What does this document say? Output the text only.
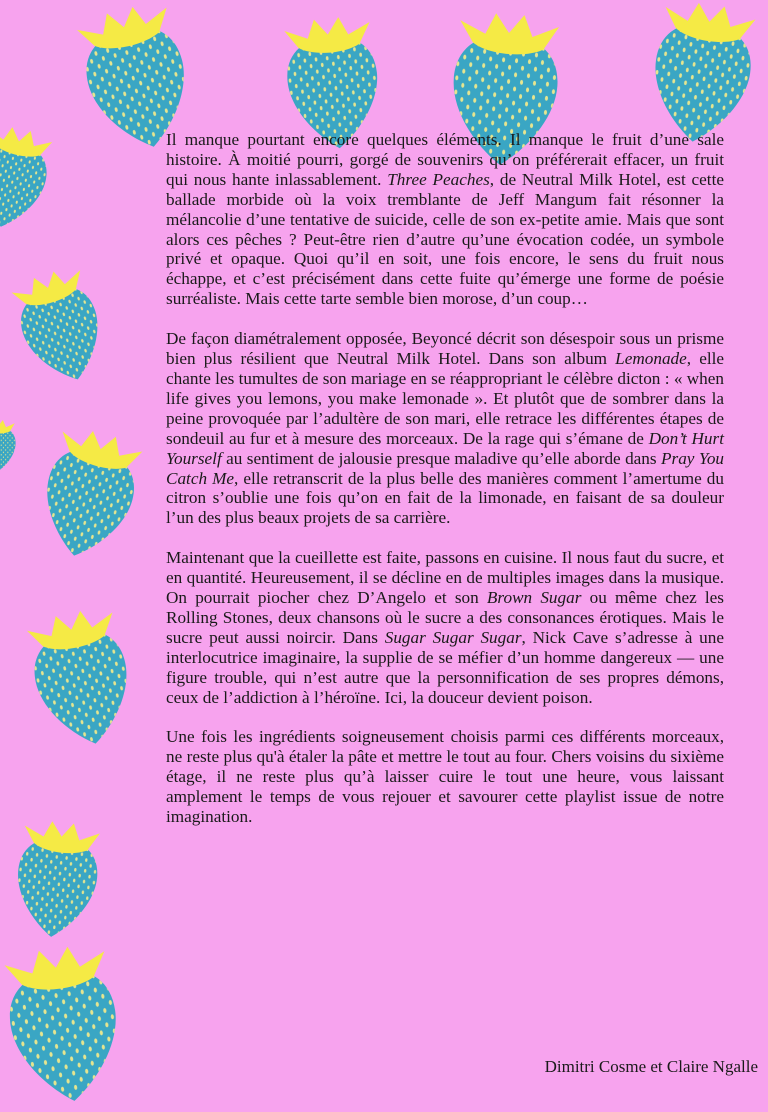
Il manque pourtant encore quelques éléments. Il manque le fruit d’une sale histoire. À moitié pourri, gorgé de souvenirs qu’on préférerait effacer, un fruit qui nous hante inlassablement. Three Peaches, de Neutral Milk Hotel, est cette ballade morbide où la voix tremblante de Jeff Mangum fait résonner la mélancolie d’une tentative de suicide, celle de son ex-petite amie. Mais que sont alors ces pêches ? Peut-être rien d’autre qu’une évocation codée, un symbole privé et opaque. Quoi qu’il en soit, une fois encore, le sens du fruit nous échappe, et c’est précisément dans cette fuite qu’émerge une forme de poésie surréaliste. Mais cette tarte semble bien morose, d’un coup…

De façon diamétralement opposée, Beyoncé décrit son désespoir sous un prisme bien plus résilient que Neutral Milk Hotel. Dans son album Lemonade, elle chante les tumultes de son mariage en se réappropriant le célèbre dicton : « when life gives you lemons, you make lemonade ». Et plutôt que de sombrer dans la peine provoquée par l’adultère de son mari, elle retrace les différentes étapes de sondeuil au fur et à mesure des morceaux. De la rage qui s’émane de Don’t Hurt Yourself au sentiment de jalousie presque maladive qu’elle aborde dans Pray You Catch Me, elle retranscrit de la plus belle des manières comment l’amertume du citron s’oublie une fois qu’on en fait de la limonade, en faisant de sa douleur l’un des plus beaux projets de sa carrière.

Maintenant que la cueillette est faite, passons en cuisine. Il nous faut du sucre, et en quantité. Heureusement, il se décline en de multiples images dans la musique. On pourrait piocher chez D’Angelo et son Brown Sugar ou même chez les Rolling Stones, deux chansons où le sucre a des consonances érotiques. Mais le sucre peut aussi noircir. Dans Sugar Sugar Sugar, Nick Cave s’adresse à une interlocutrice imaginaire, la supplie de se méfier d’un homme dangereux — une figure trouble, qui n’est autre que la personnification de ses propres démons, ceux de l’addiction à l’héroïne. Ici, la douceur devient poison.

Une fois les ingrédients soigneusement choisis parmi ces différents morceaux, ne reste plus qu'à étaler la pâte et mettre le tout au four. Chers voisins du sixième étage, il ne reste plus qu’à laisser cuire le tout une heure, vous laissant amplement le temps de vous rejouer et savourer cette playlist issue de notre imagination.

Dimitri Cosme et Claire Ngalle
